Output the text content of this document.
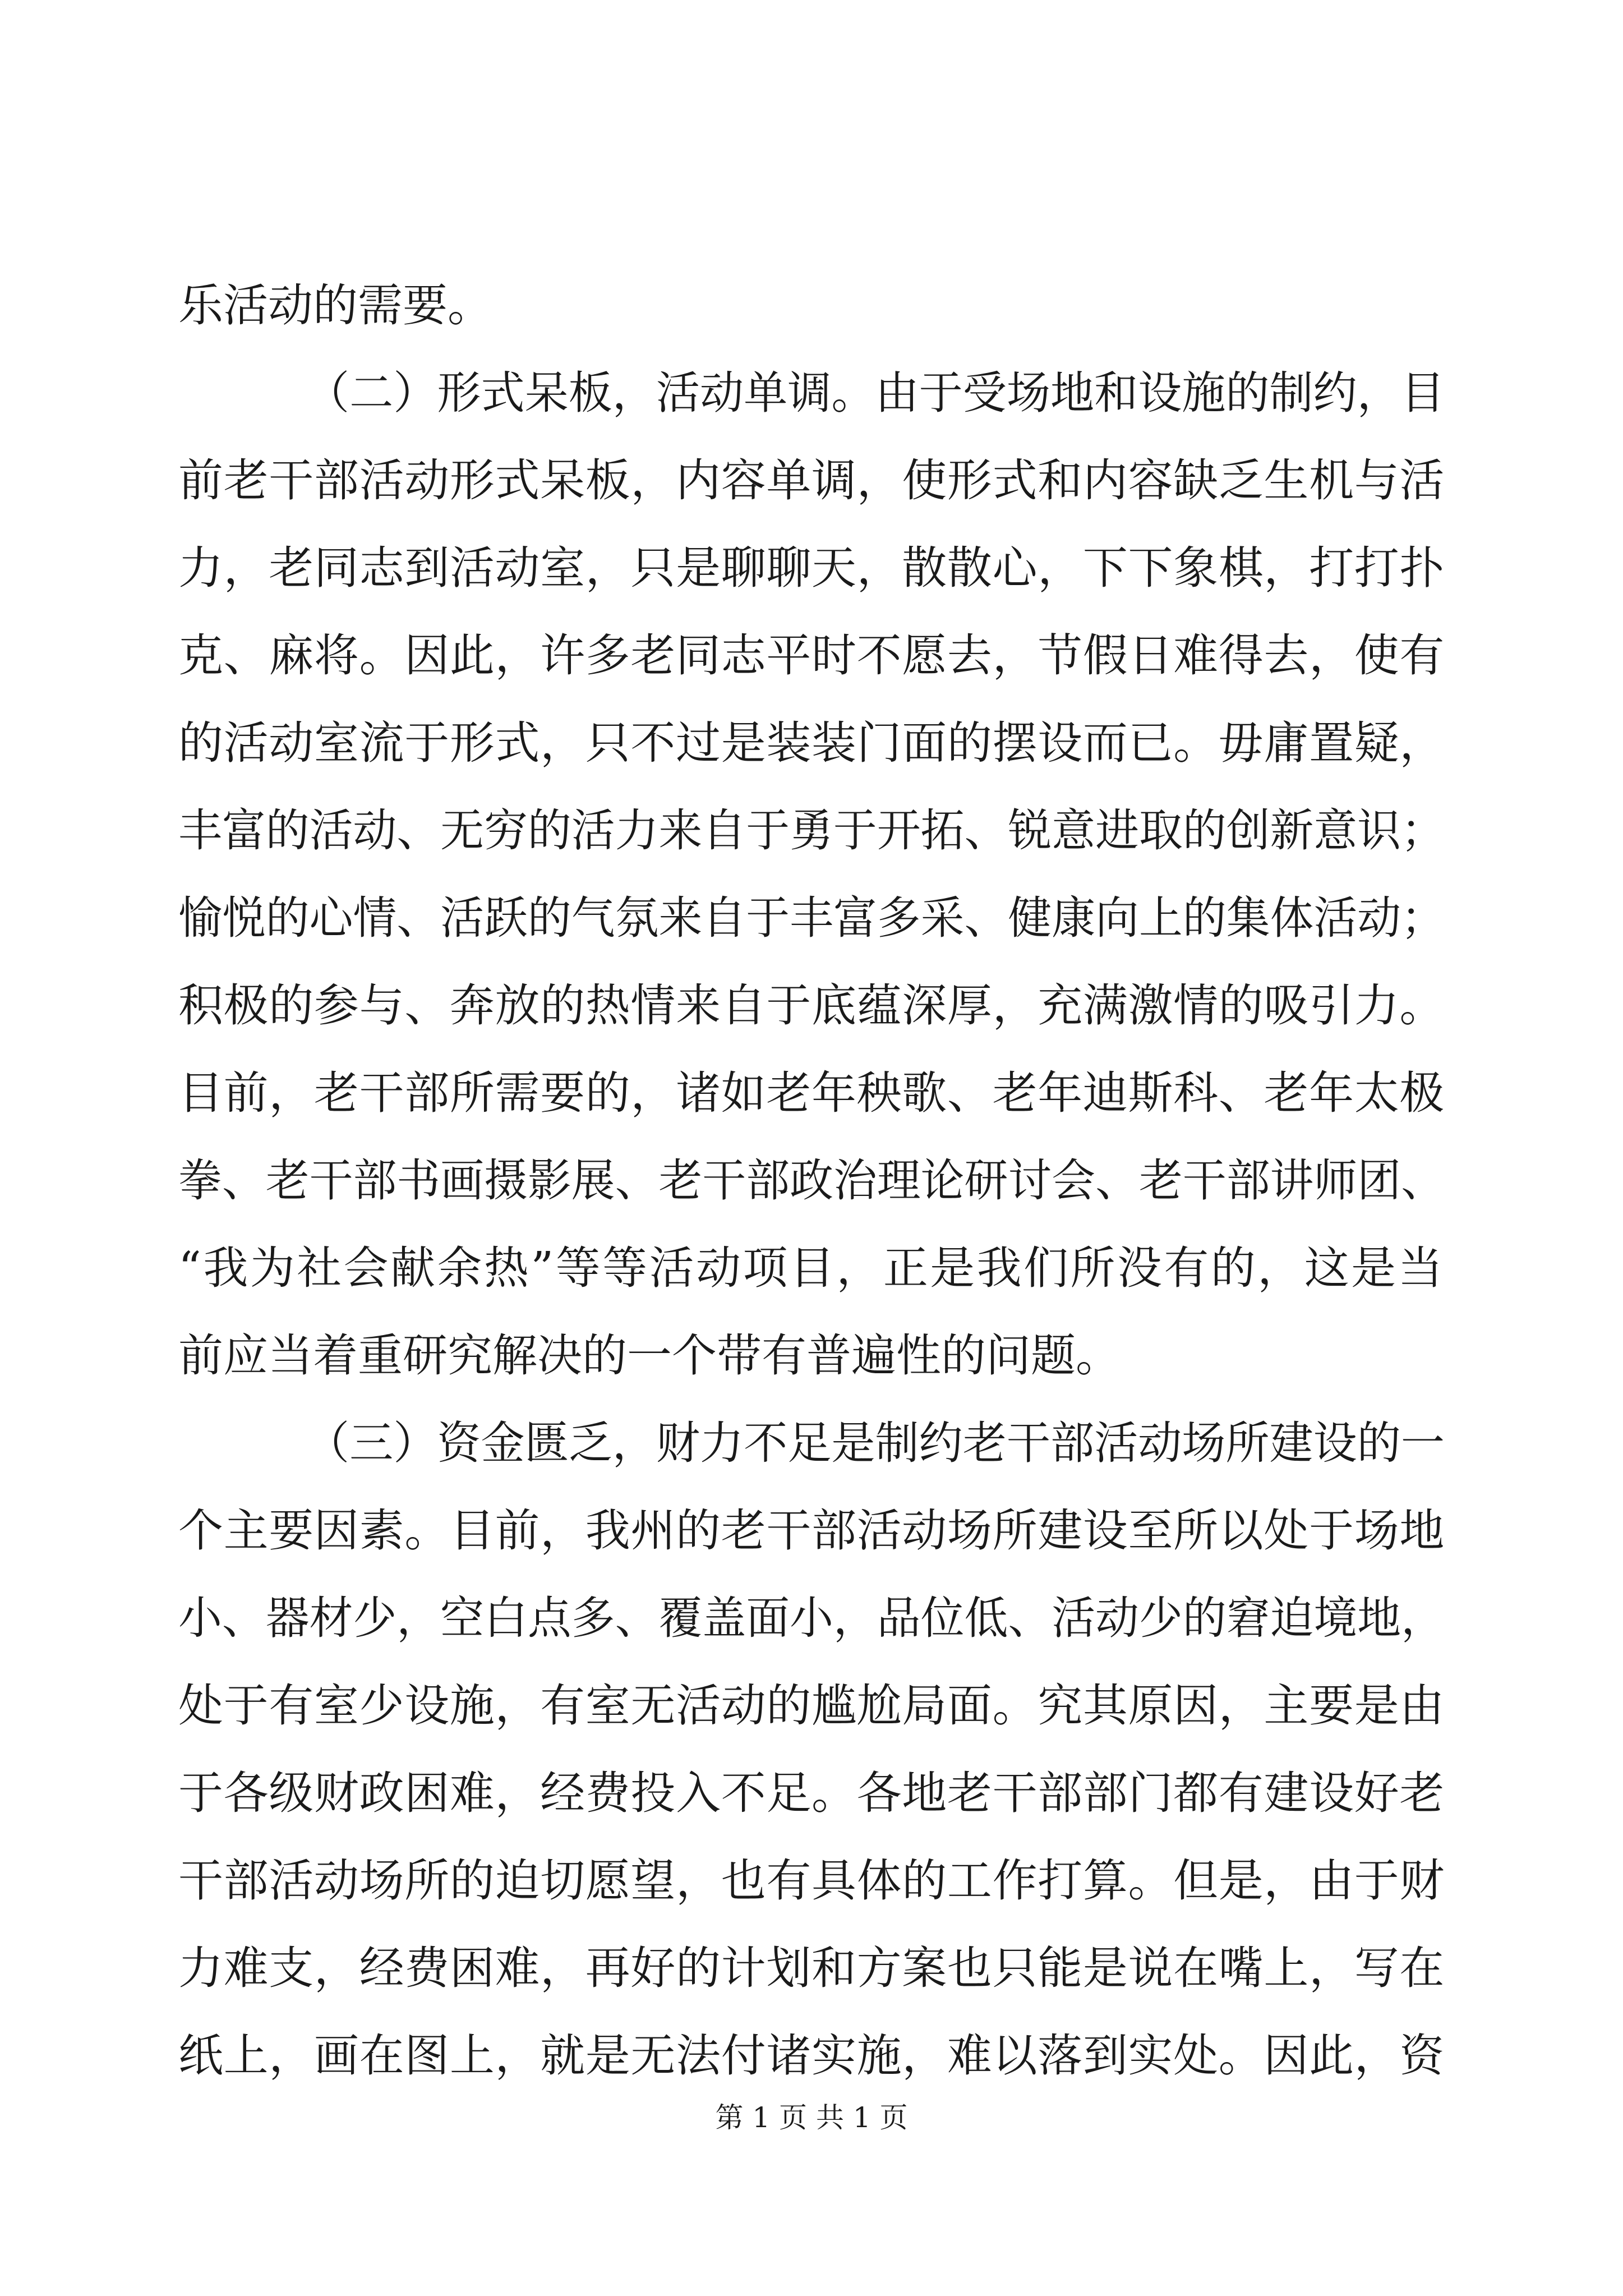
乐活动的需要。
（二）形式呆板，活动单调。由于受场地和设施的制约，目
前老干部活动形式呆板，内容单调，使形式和内容缺乏生机与活
力，老同志到活动室，只是聊聊天，散散心，下下象棋，打打扑
克、麻将。因此，许多老同志平时不愿去，节假日难得去，使有
的活动室流于形式，只不过是装装门面的摆设而已。毋庸置疑，
丰富的活动、无穷的活力来自于勇于开拓、锐意进取的创新意识；
愉悦的心情、活跃的气氛来自于丰富多采、健康向上的集体活动；
积极的参与、奔放的热情来自于底蕴深厚，充满激情的吸引力。
目前，老干部所需要的，诸如老年秧歌、老年迪斯科、老年太极
拳、老干部书画摄影展、老干部政治理论研讨会、老干部讲师团、
“我为社会献余热”等等活动项目，正是我们所没有的，这是当
前应当着重研究解决的一个带有普遍性的问题。
（三）资金匮乏，财力不足是制约老干部活动场所建设的一
个主要因素。目前，我州的老干部活动场所建设至所以处于场地
小、器材少，空白点多、覆盖面小，品位低、活动少的窘迫境地，
处于有室少设施，有室无活动的尴尬局面。究其原因，主要是由
于各级财政困难，经费投入不足。各地老干部部门都有建设好老
干部活动场所的迫切愿望，也有具体的工作打算。但是，由于财
力难支，经费困难，再好的计划和方案也只能是说在嘴上，写在
纸上，画在图上，就是无法付诸实施，难以落到实处。因此，资
第 1 页 共 1 页
